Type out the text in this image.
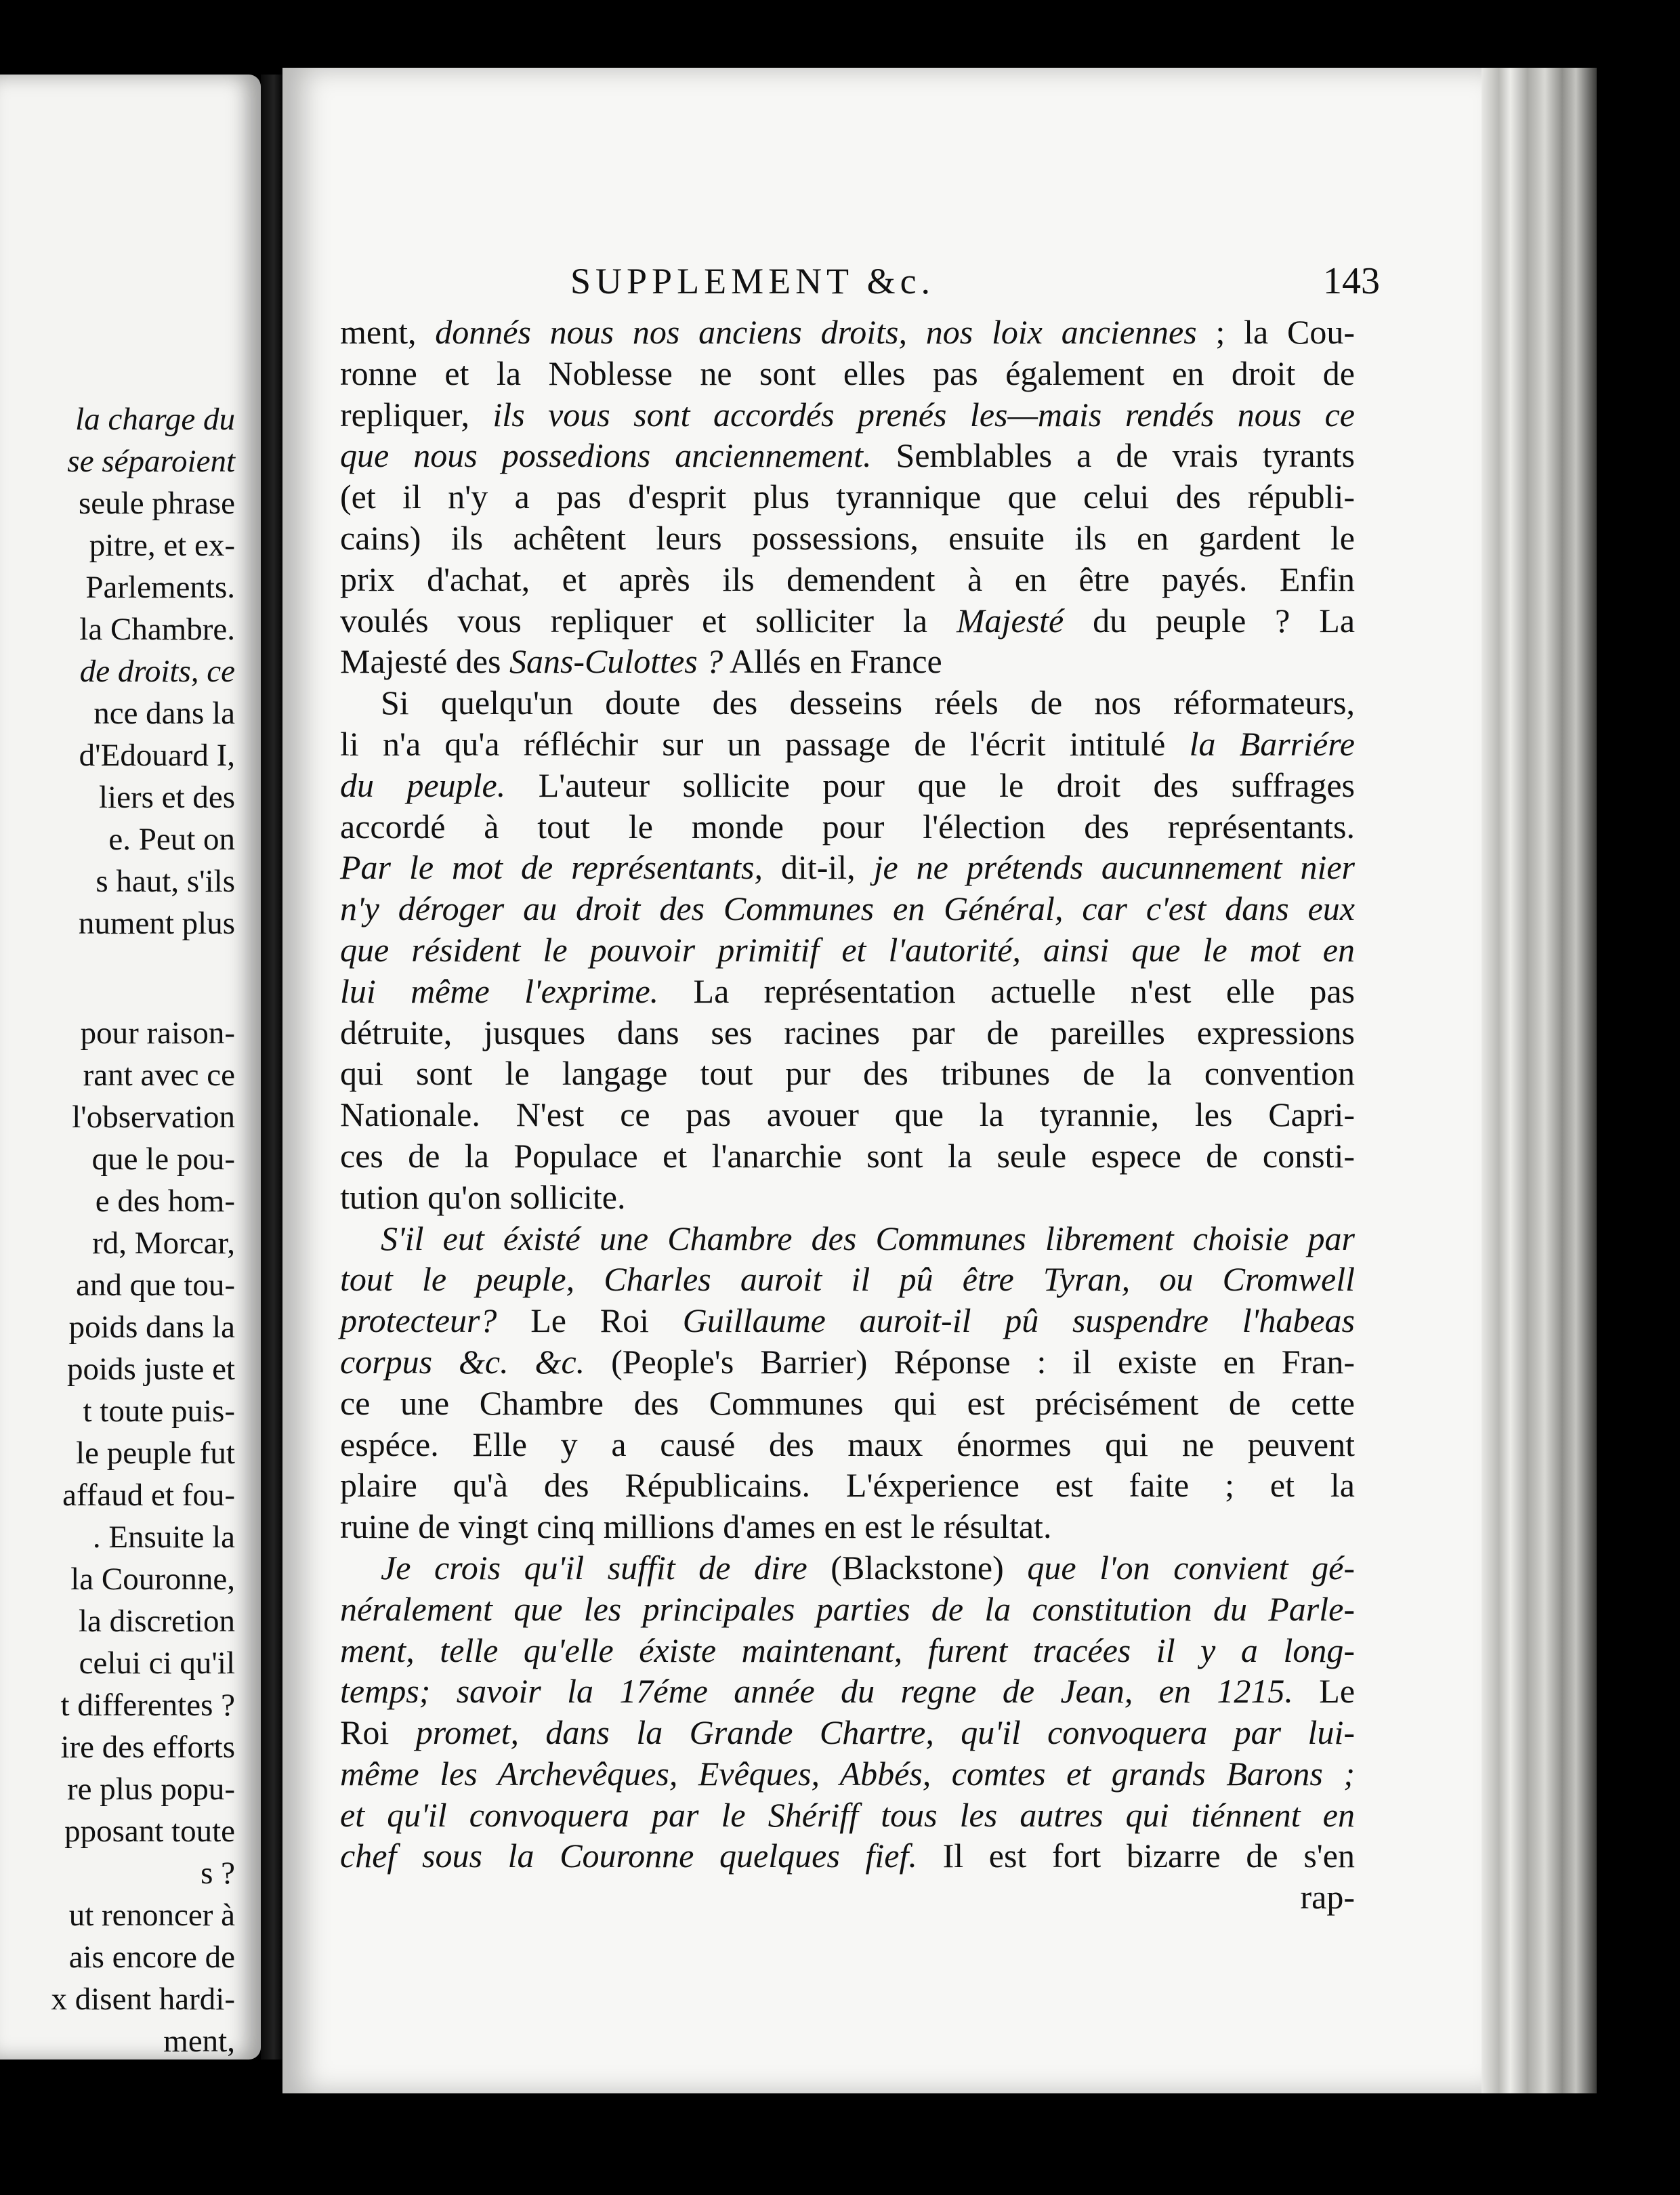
la charge du
se séparoient
seule phrase
pitre, et ex-
Parlements.
la Chambre.
de droits, ce
nce dans la
d'Edouard I,
liers et des
e. Peut on
s haut, s'ils
nument plus
pour raison-
rant avec ce
l'observation
que le pou-
e des hom-
rd, Morcar,
and que tou-
poids dans la
poids juste et
t toute puis-
le peuple fut
affaud et fou-
. Ensuite la
la Couronne,
la discretion
celui ci qu'il
t differentes ?
ire des efforts
re plus popu-
pposant toute
s ?
ut renoncer à
ais encore de
x disent hardi-
ment,
SUPPLEMENT &c.	143
ment, donnés nous nos anciens droits, nos loix anciennes ; la Cou-
ronne et la Noblesse ne sont elles pas également en droit de
repliquer, ils vous sont accordés prenés les—mais rendés nous ce
que nous possedions anciennement. Semblables a de vrais tyrants
(et il n'y a pas d'esprit plus tyrannique que celui des républi-
cains) ils achêtent leurs possessions, ensuite ils en gardent le
prix d'achat, et après ils demendent à en être payés. Enfin
voulés vous repliquer et solliciter la Majesté du peuple ? La
Majesté des Sans-Culottes ? Allés en France
Si quelqu'un doute des desseins réels de nos réformateurs,
li n'a qu'a réfléchir sur un passage de l'écrit intitulé la Barriére
du peuple. L'auteur sollicite pour que le droit des suffrages
accordé à tout le monde pour l'élection des représentants.
Par le mot de représentants, dit-il, je ne prétends aucunnement nier
n'y déroger au droit des Communes en Général, car c'est dans eux
que résident le pouvoir primitif et l'autorité, ainsi que le mot en
lui même l'exprime. La représentation actuelle n'est elle pas
détruite, jusques dans ses racines par de pareilles expressions
qui sont le langage tout pur des tribunes de la convention
Nationale. N'est ce pas avouer que la tyrannie, les Capri-
ces de la Populace et l'anarchie sont la seule espece de consti-
tution qu'on sollicite.
S'il eut éxisté une Chambre des Communes librement choisie par
tout le peuple, Charles auroit il pû être Tyran, ou Cromwell
protecteur? Le Roi Guillaume auroit-il pû suspendre l'habeas
corpus &c. &c. (People's Barrier) Réponse : il existe en Fran-
ce une Chambre des Communes qui est précisément de cette
espéce. Elle y a causé des maux énormes qui ne peuvent
plaire qu'à des Républicains. L'éxperience est faite ; et la
ruine de vingt cinq millions d'ames en est le résultat.
Je crois qu'il suffit de dire (Blackstone) que l'on convient gé-
néralement que les principales parties de la constitution du Parle-
ment, telle qu'elle éxiste maintenant, furent tracées il y a long-
temps; savoir la 17éme année du regne de Jean, en 1215. Le
Roi promet, dans la Grande Chartre, qu'il convoquera par lui-
même les Archevêques, Evêques, Abbés, comtes et grands Barons ;
et qu'il convoquera par le Shériff tous les autres qui tiénnent en
chef sous la Couronne quelques fief. Il est fort bizarre de s'en
rap-
